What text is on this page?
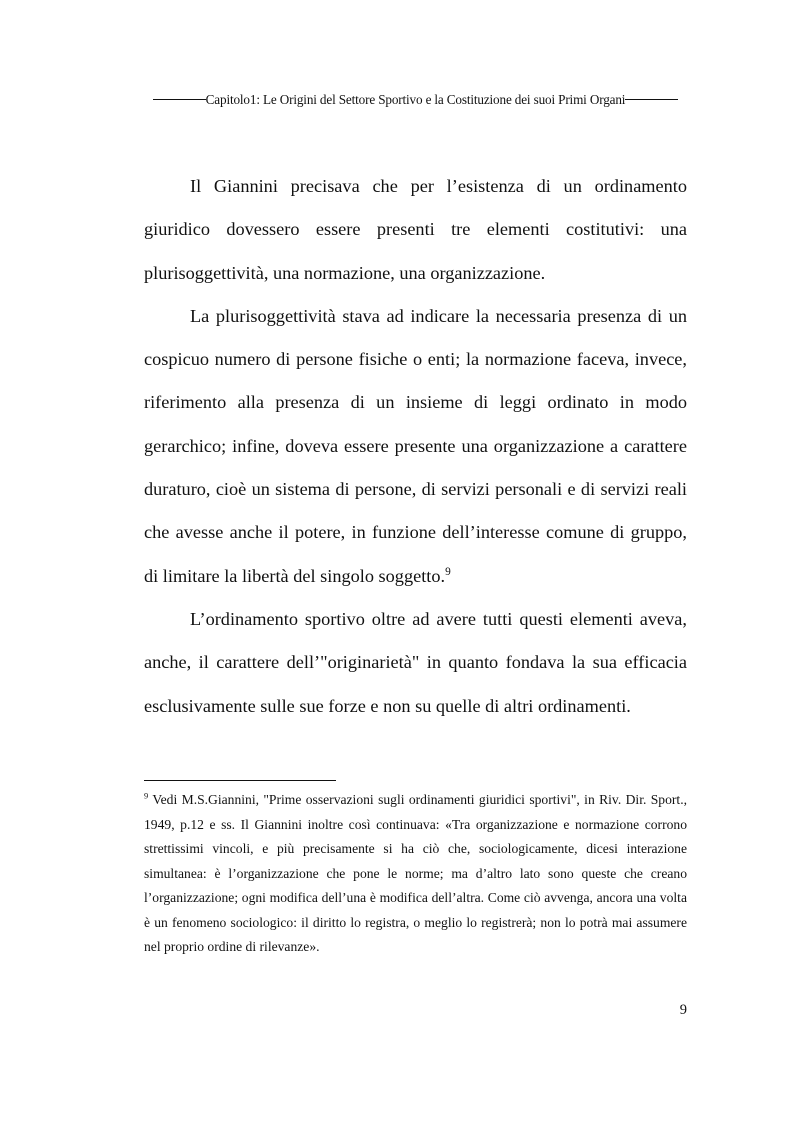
Capitolo1: Le Origini del Settore Sportivo e la Costituzione dei suoi Primi Organi

Il Giannini precisava che per l’esistenza di un ordinamento giuridico dovessero essere presenti tre elementi costitutivi: una plurisoggettività, una normazione, una organizzazione.

La plurisoggettività stava ad indicare la necessaria presenza di un cospicuo numero di persone fisiche o enti; la normazione faceva, invece, riferimento alla presenza di un insieme di leggi ordinato in modo gerarchico; infine, doveva essere presente una organizzazione a carattere duraturo, cioè un sistema di persone, di servizi personali e di servizi reali che avesse anche il potere, in funzione dell’interesse comune di gruppo, di limitare la libertà del singolo soggetto.$^9$

L’ordinamento sportivo oltre ad avere tutti questi elementi aveva, anche, il carattere dell’"originarietà" in quanto fondava la sua efficacia esclusivamente sulle sue forze e non su quelle di altri ordinamenti.

$^9$ Vedi M.S.Giannini, "Prime osservazioni sugli ordinamenti giuridici sportivi", in Riv. Dir. Sport., 1949, p.12 e ss. Il Giannini inoltre così continuava: «Tra organizzazione e normazione corrono strettissimi vincoli, e più precisamente si ha ciò che, sociologicamente, dicesi interazione simultanea: è l’organizzazione che pone le norme; ma d’altro lato sono queste che creano l’organizzazione; ogni modifica dell’una è modifica dell’altra. Come ciò avvenga, ancora una volta è un fenomeno sociologico: il diritto lo registra, o meglio lo registrerà; non lo potrà mai assumere nel proprio ordine di rilevanze».

9
